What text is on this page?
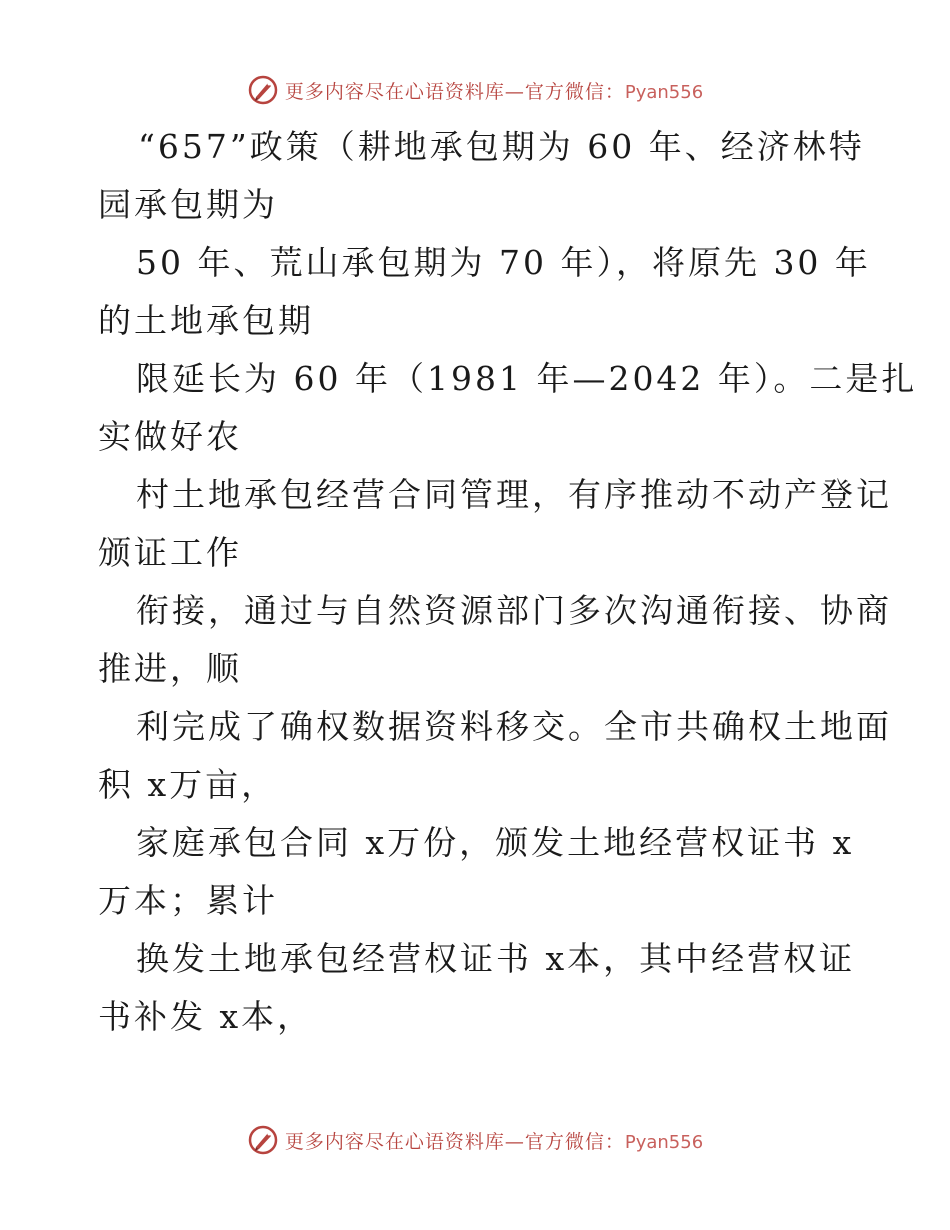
更多内容尽在心语资料库—官方微信：Pyan556
“657”政策（耕地承包期为 60 年、经济林特
园承包期为
50 年、荒山承包期为 70 年），将原先 30 年
的土地承包期
限延长为 60 年（1981 年—2042 年）。二是扎
实做好农
村土地承包经营合同管理，有序推动不动产登记
颁证工作
衔接，通过与自然资源部门多次沟通衔接、协商
推进，顺
利完成了确权数据资料移交。全市共确权土地面
积 x万亩，
家庭承包合同 x万份，颁发土地经营权证书 x
万本；累计
换发土地承包经营权证书 x本，其中经营权证
书补发 x本，
更多内容尽在心语资料库—官方微信：Pyan556
